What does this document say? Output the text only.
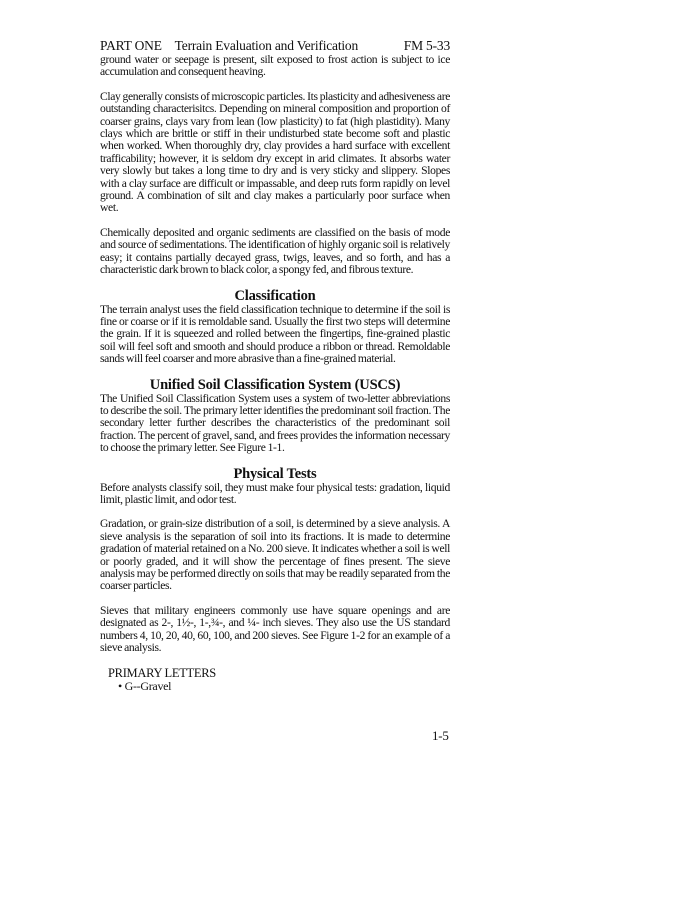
PART ONE Terrain Evaluation and Verification	FM 5-33

ground water or seepage is present, silt exposed to frost action is subject to ice accumulation and consequent heaving.

Clay generally consists of microscopic particles. Its plasticity and adhesiveness are outstanding characterisitcs. Depending on mineral composition and proportion of coarser grains, clays vary from lean (low plasticity) to fat (high plastidity). Many clays which are brittle or stiff in their undisturbed state become soft and plastic when worked. When thoroughly dry, clay provides a hard surface with excellent trafficability; however, it is seldom dry except in arid climates. It absorbs water very slowly but takes a long time to dry and is very sticky and slippery. Slopes with a clay surface are difficult or impassable, and deep ruts form rapidly on level ground. A combination of silt and clay makes a particularly poor surface when wet.

Chemically deposited and organic sediments are classified on the basis of mode and source of sedimentations. The identification of highly organic soil is relatively easy; it contains partially decayed grass, twigs, leaves, and so forth, and has a characteristic dark brown to black color, a spongy fed, and fibrous texture.

Classification

The terrain analyst uses the field classification technique to determine if the soil is fine or coarse or if it is remoldable sand. Usually the first two steps will determine the grain. If it is squeezed and rolled between the fingertips, fine-grained plastic soil will feel soft and smooth and should produce a ribbon or thread. Remoldable sands will feel coarser and more abrasive than a fine-grained material.

Unified Soil Classification System (USCS)

The Unified Soil Classification System uses a system of two-letter abbreviations to describe the soil. The primary letter identifies the predominant soil fraction. The secondary letter further describes the characteristics of the predominant soil fraction. The percent of gravel, sand, and frees provides the information necessary to choose the primary letter. See Figure 1-1.

Physical Tests

Before analysts classify soil, they must make four physical tests: gradation, liquid limit, plastic limit, and odor test.

Gradation, or grain-size distribution of a soil, is determined by a sieve analysis. A sieve analysis is the separation of soil into its fractions. It is made to determine gradation of material retained on a No. 200 sieve. It indicates whether a soil is well or poorly graded, and it will show the percentage of fines present. The sieve analysis may be performed directly on soils that may be readily separated from the coarser particles.

Sieves that military engineers commonly use have square openings and are designated as 2-, 1½-, 1-,¾-, and ¼- inch sieves. They also use the US standard numbers 4, 10, 20, 40, 60, 100, and 200 sieves. See Figure 1-2 for an example of a sieve analysis.

PRIMARY LETTERS

• G--Gravel

1-5
